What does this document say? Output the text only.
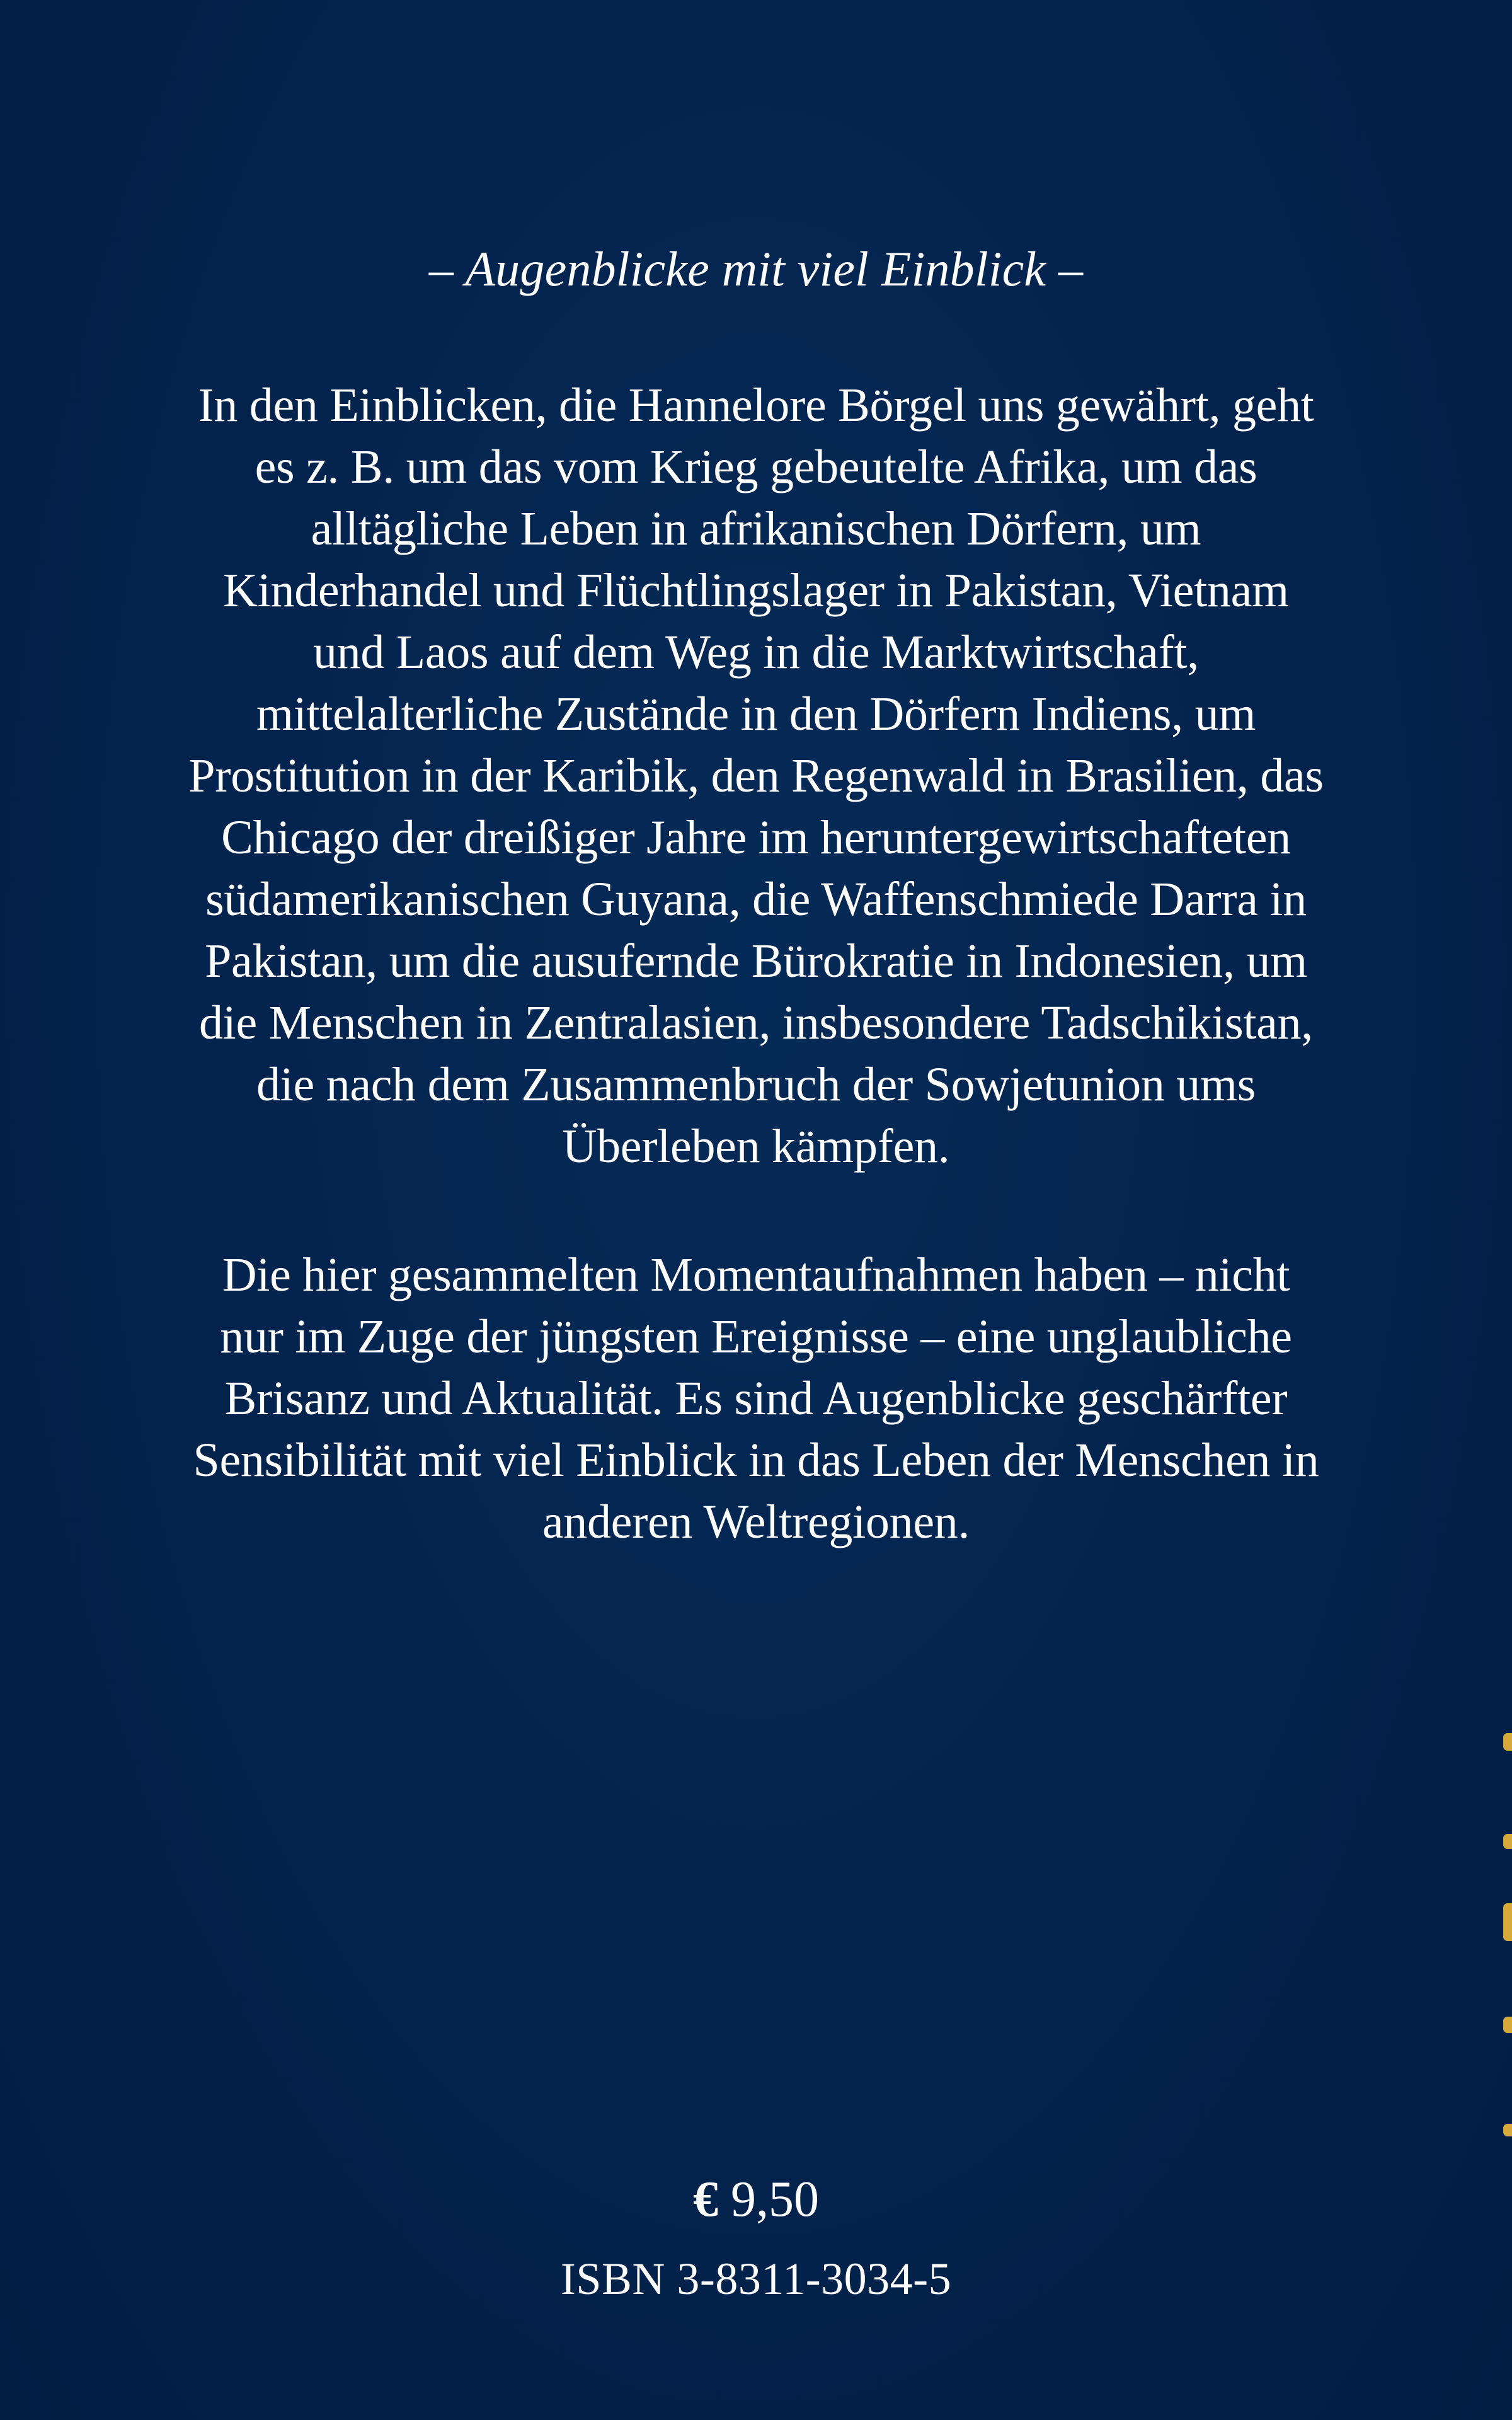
– Augenblicke mit viel Einblick –

In den Einblicken, die Hannelore Börgel uns gewährt, geht
es z. B. um das vom Krieg gebeutelte Afrika, um das
alltägliche Leben in afrikanischen Dörfern, um
Kinderhandel und Flüchtlingslager in Pakistan, Vietnam
und Laos auf dem Weg in die Marktwirtschaft,
mittelalterliche Zustände in den Dörfern Indiens, um
Prostitution in der Karibik, den Regenwald in Brasilien, das
Chicago der dreißiger Jahre im heruntergewirtschafteten
südamerikanischen Guyana, die Waffenschmiede Darra in
Pakistan, um die ausufernde Bürokratie in Indonesien, um
die Menschen in Zentralasien, insbesondere Tadschikistan,
die nach dem Zusammenbruch der Sowjetunion ums
Überleben kämpfen.

Die hier gesammelten Momentaufnahmen haben – nicht
nur im Zuge der jüngsten Ereignisse – eine unglaubliche
Brisanz und Aktualität. Es sind Augenblicke geschärfter
Sensibilität mit viel Einblick in das Leben der Menschen in
anderen Weltregionen.

€ 9,50
ISBN 3-8311-3034-5
